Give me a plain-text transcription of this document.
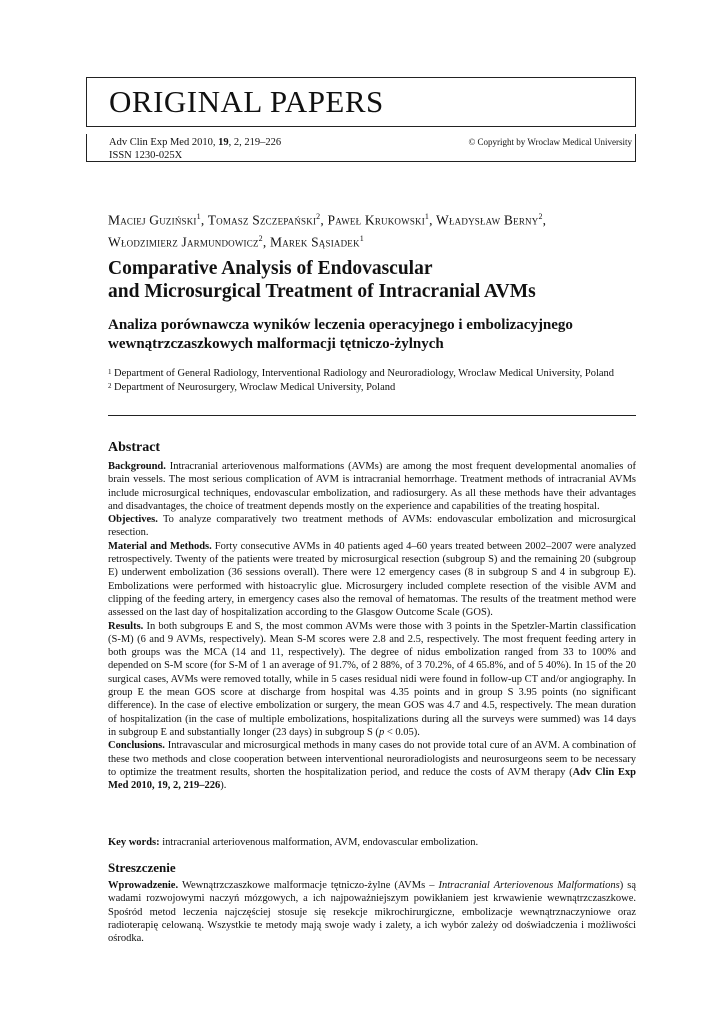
ORIGINAL PAPERS
Adv Clin Exp Med 2010, 19, 2, 219–226
ISSN 1230-025X
© Copyright by Wroclaw Medical University
Maciej Guziński$^1$, Tomasz Szczepański$^2$, Paweł Krukowski$^1$, Władysław Berny$^2$,
Włodzimierz Jarmundowicz$^2$, Marek Sąsiadek$^1$
Comparative Analysis of Endovascular
and Microsurgical Treatment of Intracranial AVMs
Analiza porównawcza wyników leczenia operacyjnego i embolizacyjnego
wewnątrzczaszkowych malformacji tętniczo-żylnych
1 Department of General Radiology, Interventional Radiology and Neuroradiology, Wroclaw Medical University, Poland
2 Department of Neurosurgery, Wroclaw Medical University, Poland
Abstract

Background. Intracranial arteriovenous malformations (AVMs) are among the most frequent developmental anomalies of brain vessels. The most serious complication of AVM is intracranial hemorrhage. Treatment methods of intracranial AVMs include microsurgical techniques, endovascular embolization, and radiosurgery. As all these methods have their advantages and disadvantages, the choice of treatment depends mostly on the experience and capabilities of the treating hospital.

Objectives. To analyze comparatively two treatment methods of AVMs: endovascular embolization and microsurgical resection.

Material and Methods. Forty consecutive AVMs in 40 patients aged 4–60 years treated between 2002–2007 were analyzed retrospectively. Twenty of the patients were treated by microsurgical resection (subgroup S) and the remaining 20 (subgroup E) underwent embolization (36 sessions overall). There were 12 emergency cases (8 in subgroup S and 4 in subgroup E). Embolizations were performed with histoacrylic glue. Microsurgery included complete resection of the visible AVM and clipping of the feeding artery, in emergency cases also the removal of hematomas. The results of the treatment method were assessed on the last day of hospitalization according to the Glasgow Outcome Scale (GOS).

Results. In both subgroups E and S, the most common AVMs were those with 3 points in the Spetzler-Martin classification (S-M) (6 and 9 AVMs, respectively). Mean S-M scores were 2.8 and 2.5, respectively. The most frequent feeding artery in both groups was the MCA (14 and 11, respectively). The degree of nidus embolization ranged from 33 to 100% and depended on S-M score (for S-M of 1 an average of 91.7%, of 2 88%, of 3 70.2%, of 4 65.8%, and of 5 40%). In 15 of the 20 surgical cases, AVMs were removed totally, while in 5 cases residual nidi were found in follow-up CT and/or angiography. In group E the mean GOS score at discharge from hospital was 4.35 points and in group S 3.95 points (no significant difference). In the case of elective embolization or surgery, the mean GOS was 4.7 and 4.5, respectively. The mean duration of hospitalization (in the case of multiple embolizations, hospitalizations during all the surveys were summed) was 14 days in subgroup E and substantially longer (23 days) in subgroup S (p < 0.05).

Conclusions. Intravascular and microsurgical methods in many cases do not provide total cure of an AVM. A combination of these two methods and close cooperation between interventional neuroradiologists and neurosurgeons seem to be necessary to optimize the treatment results, shorten the hospitalization period, and reduce the costs of AVM therapy (Adv Clin Exp Med 2010, 19, 2, 219–226).

Key words: intracranial arteriovenous malformation, AVM, endovascular embolization.
Streszczenie

Wprowadzenie. Wewnątrzczaszkowe malformacje tętniczo-żylne (AVMs – Intracranial Arteriovenous Malformations) są wadami rozwojowymi naczyń mózgowych, a ich najpoważniejszym powikłaniem jest krwawienie wewnątrzczaszkowe. Spośród metod leczenia najczęściej stosuje się resekcje mikrochirurgiczne, embolizacje wewnątrznaczyniowe oraz radioterapię celowaną. Wszystkie te metody mają swoje wady i zalety, a ich wybór zależy od doświadczenia i możliwości ośrodka.
